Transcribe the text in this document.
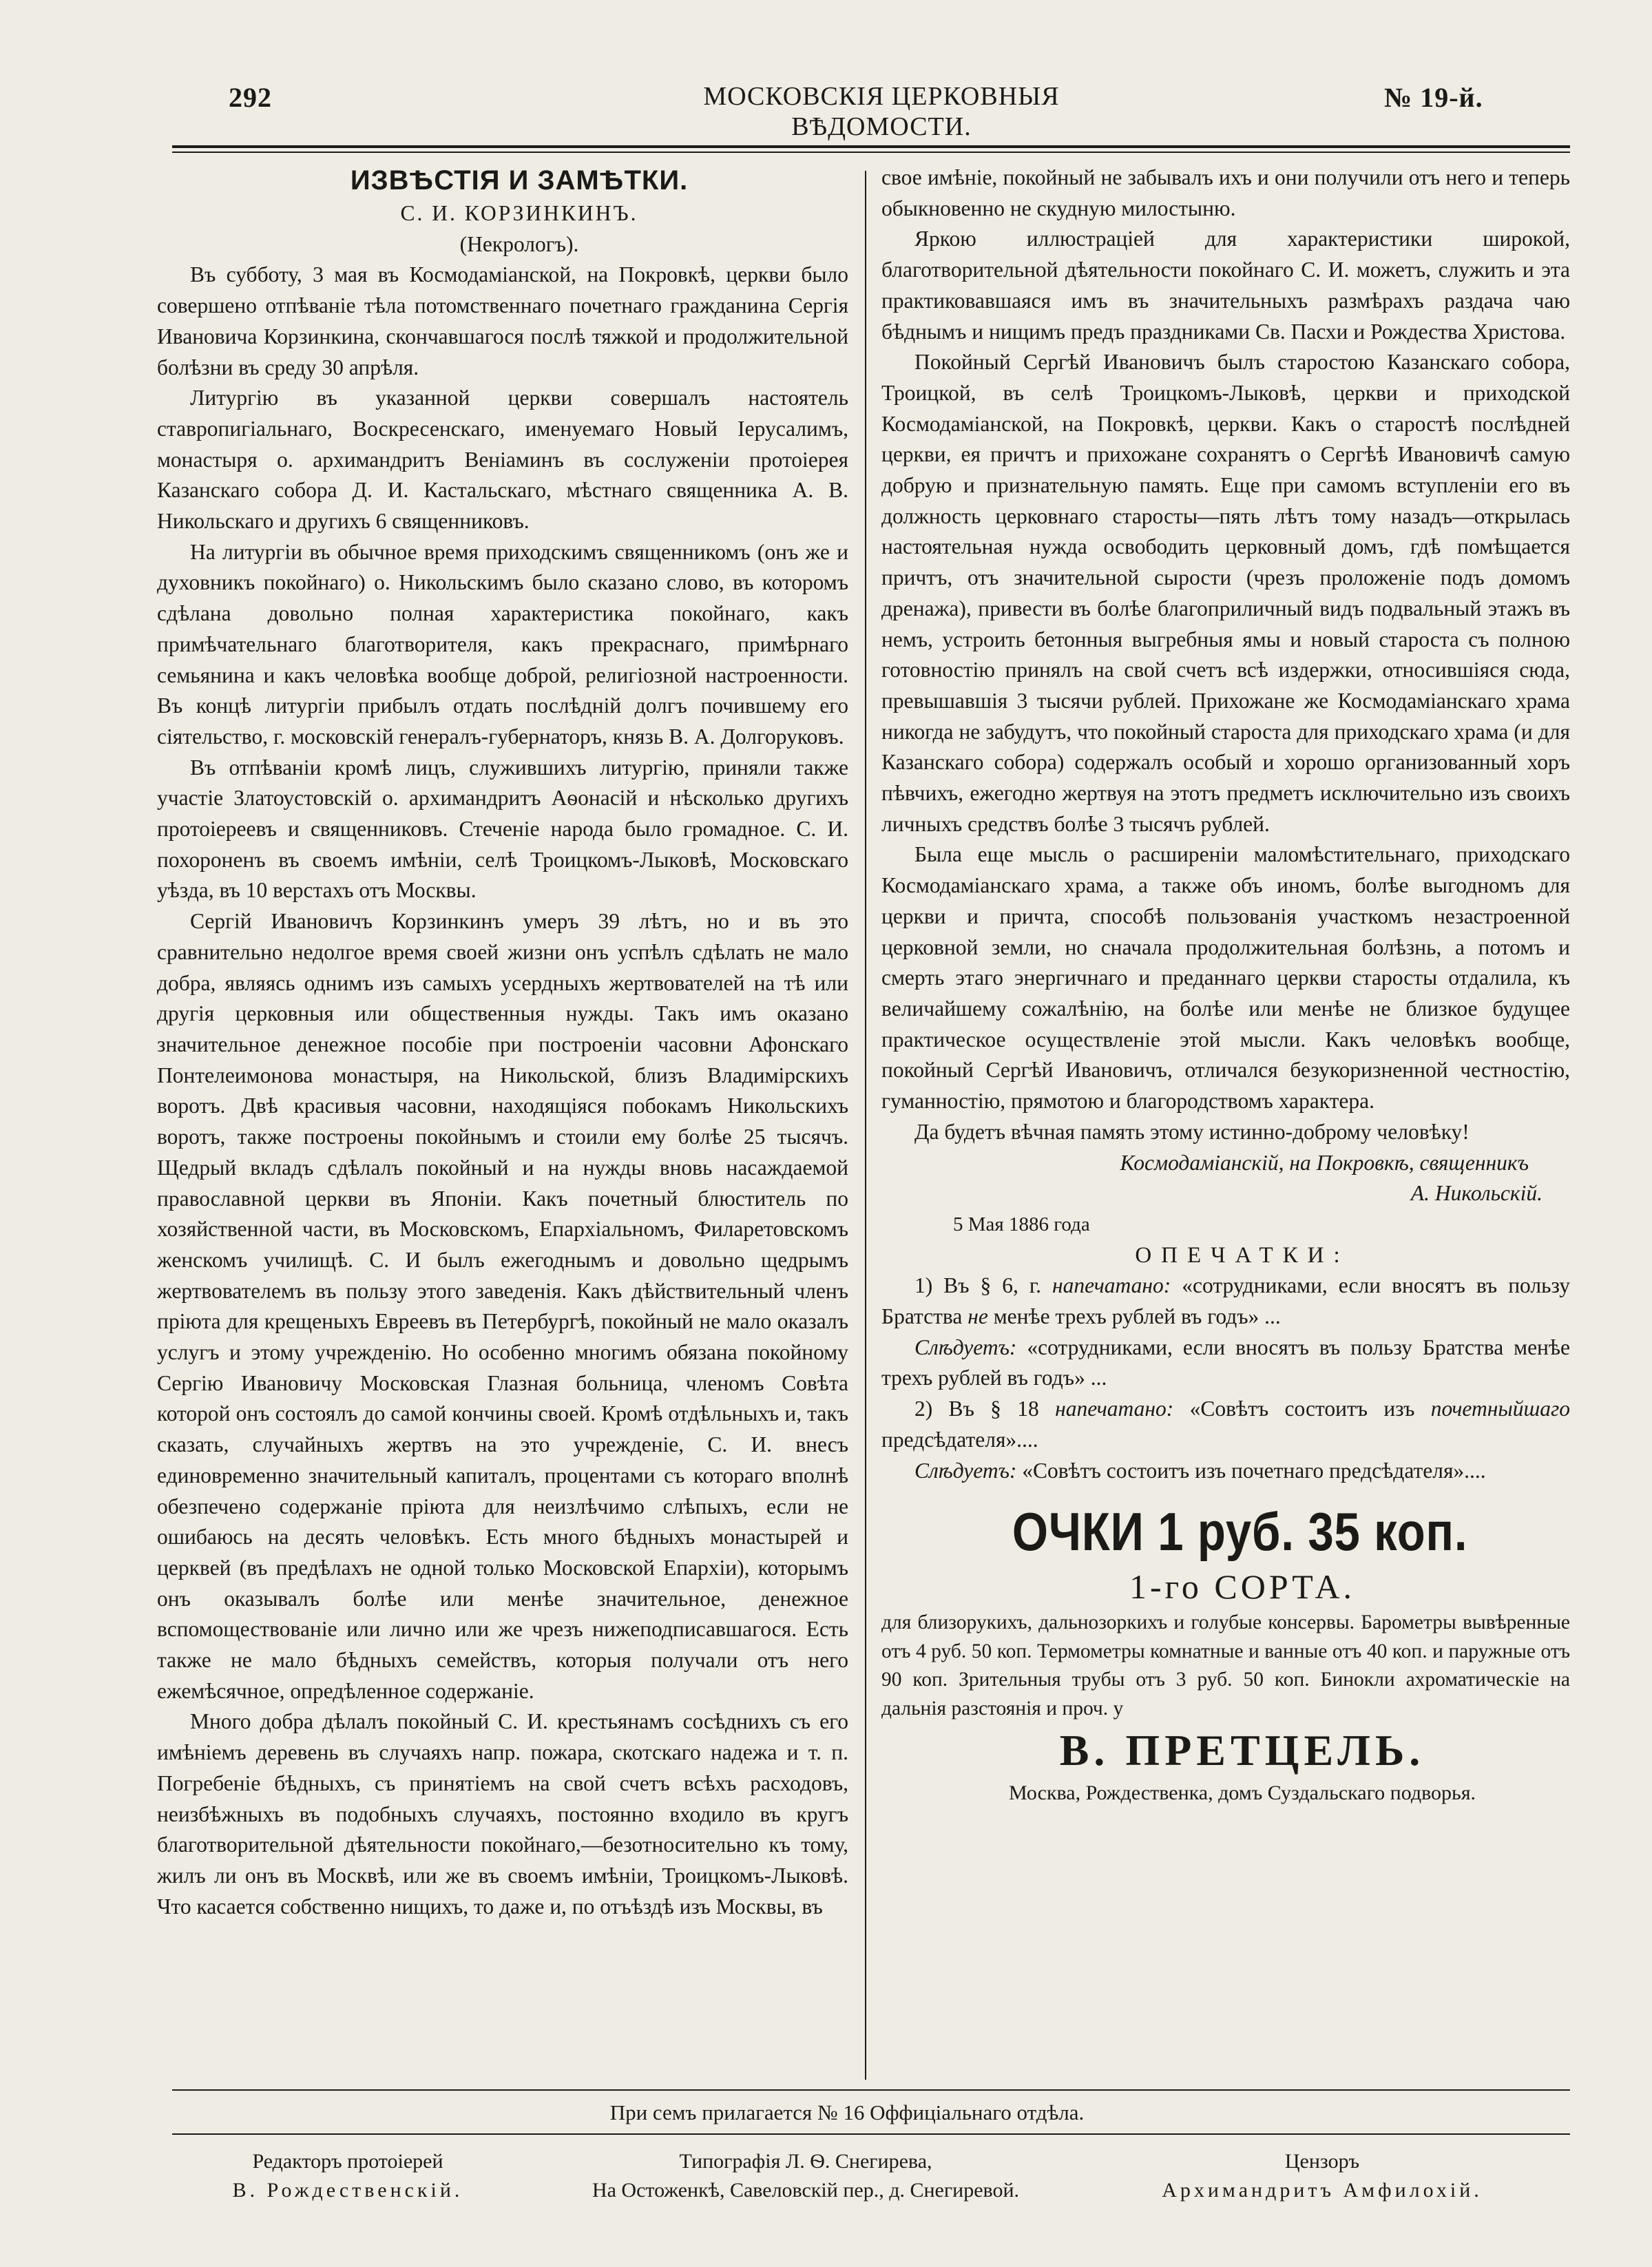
292	МОСКОВСКІЯ ЦЕРКОВНЫЯ ВѢДОМОСТИ.
№ 19-й.

ИЗВѢСТІЯ И ЗАМѢТКИ.

С. И. КОРЗИНКИНЪ.

(Некрологъ).

Въ субботу, 3 мая въ Космодаміанской, на Покровкѣ, церкви было совершено отпѣваніе тѣла потомственнаго почетнаго гражданина Сергія Ивановича Корзинкина, скончавшагося послѣ тяжкой и продолжительной болѣзни въ среду 30 апрѣля.

Литургію въ указанной церкви совершалъ настоятель ставропигіальнаго, Воскресенскаго, именуемаго Новый Іерусалимъ, монастыря о. архимандритъ Веніаминъ въ сослуженіи протоіерея Казанскаго собора Д. И. Кастальскаго, мѣстнаго священника А. В. Никольскаго и другихъ 6 священниковъ.

На литургіи въ обычное время приходскимъ священникомъ (онъ же и духовникъ покойнаго) о. Никольскимъ было сказано слово, въ которомъ сдѣлана довольно полная характеристика покойнаго, какъ примѣчательнаго благотворителя, какъ прекраснаго, примѣрнаго семьянина и какъ человѣка вообще доброй, религіозной настроенности. Въ концѣ литургіи прибылъ отдать послѣдній долгъ почившему его сіятельство, г. московскій генералъ-губернаторъ, князь В. А. Долгоруковъ.

Въ отпѣваніи кромѣ лицъ, служившихъ литургію, приняли также участіе Златоустовскій о. архимандритъ Аѳонасій и нѣсколько другихъ протоіереевъ и священниковъ. Стеченіе народа было громадное. С. И. похороненъ въ своемъ имѣніи, селѣ Троицкомъ-Лыковѣ, Московскаго уѣзда, въ 10 верстахъ отъ Москвы.

Сергій Ивановичъ Корзинкинъ умеръ 39 лѣтъ, но и въ это сравнительно недолгое время своей жизни онъ успѣлъ сдѣлать не мало добра, являясь однимъ изъ самыхъ усердныхъ жертвователей на тѣ или другія церковныя или общественныя нужды. Такъ имъ оказано значительное денежное пособіе при построеніи часовни Афонскаго Понтелеимонова монастыря, на Никольской, близъ Владимірскихъ воротъ. Двѣ красивыя часовни, находящіяся побокамъ Никольскихъ воротъ, также построены покойнымъ и стоили ему болѣе 25 тысячъ. Щедрый вкладъ сдѣлалъ покойный и на нужды вновь насаждаемой православной церкви въ Японіи. Какъ почетный блюститель по хозяйственной части, въ Московскомъ, Епархіальномъ, Филаретовскомъ женскомъ училищѣ. С. И былъ ежегоднымъ и довольно щедрымъ жертвователемъ въ пользу этого заведенія. Какъ дѣйствительный членъ пріюта для крещеныхъ Евреевъ въ Петербургѣ, покойный не мало оказалъ услугъ и этому учрежденію. Но особенно многимъ обязана покойному Сергію Ивановичу Московская Глазная больница, членомъ Совѣта которой онъ состоялъ до самой кончины своей. Кромѣ отдѣльныхъ и, такъ сказать, случайныхъ жертвъ на это учрежденіе, С. И. внесъ единовременно значительный капиталъ, процентами съ котораго вполнѣ обезпечено содержаніе пріюта для неизлѣчимо слѣпыхъ, если не ошибаюсь на десять человѣкъ. Есть много бѣдныхъ монастырей и церквей (въ предѣлахъ не одной только Московской Епархіи), которымъ онъ оказывалъ болѣе или менѣе значительное, денежное вспомоществованіе или лично или же чрезъ нижеподписавшагося. Есть также не мало бѣдныхъ семействъ, которыя получали отъ него ежемѣсячное, опредѣленное содержаніе.

Много добра дѣлалъ покойный С. И. крестьянамъ сосѣднихъ съ его имѣніемъ деревень въ случаяхъ напр. пожара, скотскаго надежа и т. п. Погребеніе бѣдныхъ, съ принятіемъ на свой счетъ всѣхъ расходовъ, неизбѣжныхъ въ подобныхъ случаяхъ, постоянно входило въ кругъ благотворительной дѣятельности покойнаго,—безотносительно къ тому, жилъ ли онъ въ Москвѣ, или же въ своемъ имѣніи, Троицкомъ-Лыковѣ. Что касается собственно нищихъ, то даже и, по отъѣздѣ изъ Москвы, въ

свое имѣніе, покойный не забывалъ ихъ и они получили отъ него и теперь обыкновенно не скудную милостыню.

Яркою иллюстраціей для характеристики широкой, благотворительной дѣятельности покойнаго С. И. можетъ, служить и эта практиковавшаяся имъ въ значительныхъ размѣрахъ раздача чаю бѣднымъ и нищимъ предъ праздниками Св. Пасхи и Рождества Христова.

Покойный Сергѣй Ивановичъ былъ старостою Казанскаго собора, Троицкой, въ селѣ Троицкомъ-Лыковѣ, церкви и приходской Космодаміанской, на Покровкѣ, церкви. Какъ о старостѣ послѣдней церкви, ея причтъ и прихожане сохранятъ о Сергѣѣ Ивановичѣ самую добрую и признательную память. Еще при самомъ вступленіи его въ должность церковнаго старосты—пять лѣтъ тому назадъ—открылась настоятельная нужда освободить церковный домъ, гдѣ помѣщается причтъ, отъ значительной сырости (чрезъ проложеніе подъ домомъ дренажа), привести въ болѣе благоприличный видъ подвальный этажъ въ немъ, устроить бетонныя выгребныя ямы и новый староста съ полною готовностію принялъ на свой счетъ всѣ издержки, относившіяся сюда, превышавшія 3 тысячи рублей. Прихожане же Космодаміанскаго храма никогда не забудутъ, что покойный староста для приходскаго храма (и для Казанскаго собора) содержалъ особый и хорошо организованный хоръ пѣвчихъ, ежегодно жертвуя на этотъ предметъ исключительно изъ своихъ личныхъ средствъ болѣе 3 тысячъ рублей.

Была еще мысль о расширеніи маломѣстительнаго, приходскаго Космодаміанскаго храма, а также объ иномъ, болѣе выгодномъ для церкви и причта, способѣ пользованія участкомъ незастроенной церковной земли, но сначала продолжительная болѣзнь, а потомъ и смерть этаго энергичнаго и преданнаго церкви старосты отдалила, къ величайшему сожалѣнію, на болѣе или менѣе не близкое будущее практическое осуществленіе этой мысли. Какъ человѣкъ вообще, покойный Сергѣй Ивановичъ, отличался безукоризненной честностію, гуманностію, прямотою и благородствомъ характера.

Да будетъ вѣчная память этому истинно-доброму человѣку!

Космодаміанскій, на Покровкѣ, священникъ

А. Никольскій.

5 Мая 1886 года

ОПЕЧАТКИ:

1) Въ § 6, г. напечатано: «сотрудниками, если вносятъ въ пользу Братства не менѣе трехъ рублей въ годъ» ...

Слѣдуетъ: «сотрудниками, если вносятъ въ пользу Братства менѣе трехъ рублей въ годъ» ...

2) Въ § 18 напечатано: «Совѣтъ состоитъ изъ почетныйшаго предсѣдателя»....

Слѣдуетъ: «Совѣтъ состоитъ изъ почетнаго предсѣдателя»....

ОЧКИ 1 руб. 35 коп.

1-го СОРТА.

для близорукихъ, дальнозоркихъ и голубые консервы. Барометры вывѣренные отъ 4 руб. 50 коп. Термометры комнатные и ванные отъ 40 коп. и паружные отъ 90 коп. Зрительныя трубы отъ 3 руб. 50 коп. Бинокли ахроматическіе на дальнія разстоянія и проч. у

В. ПРЕТЦЕЛЬ.

Москва, Рождественка, домъ Суздальскаго подворья.

При семъ прилагается № 16 Оффиціальнаго отдѣла.

Редакторъ протоіерей

В. Рождественскій.

Типографія Л. Ѳ. Снегирева,

На Остоженкѣ, Савеловскій пер., д. Снегиревой.

Цензоръ

Архимандритъ Амфилохій.
